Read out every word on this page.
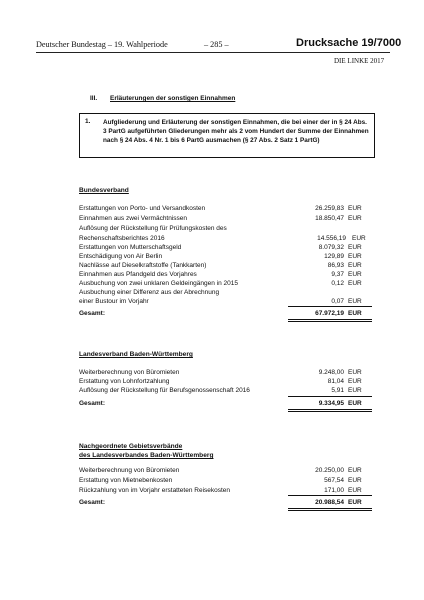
Deutscher Bundestag – 19. Wahlperiode	– 285 –	Drucksache 19/7000
DIE LINKE 2017
III. Erläuterungen der sonstigen Einnahmen
1. Aufgliederung und Erläuterung der sonstigen Einnahmen, die bei einer der in § 24 Abs. 3 PartG aufgeführten Gliederungen mehr als 2 vom Hundert der Summe der Einnahmen nach § 24 Abs. 4 Nr. 1 bis 6 PartG ausmachen (§ 27 Abs. 2 Satz 1 PartG)
Bundesverband
Erstattungen von Porto- und Versandkosten	26.259,83 EUR
Einnahmen aus zwei Vermächtnissen	18.850,47 EUR
Auflösung der Rückstellung für Prüfungskosten des
Rechenschaftsberichtes 2016	14.556,19 EUR
Erstattungen von Mutterschaftsgeld	8.079,32 EUR
Entschädigung von Air Berlin	129,89 EUR
Nachlässe auf Dieselkraftstoffe (Tankkarten)	86,93 EUR
Einnahmen aus Pfandgeld des Vorjahres	9,37 EUR
Ausbuchung von zwei unklaren Geldeingängen in 2015	0,12 EUR
Ausbuchung einer Differenz aus der Abrechnung
einer Bustour im Vorjahr	0,07 EUR
Gesamt:	67.972,19 EUR
Landesverband Baden-Württemberg
Weiterberechnung von Büromieten	9.248,00 EUR
Erstattung von Lohnfortzahlung	81,04 EUR
Auflösung der Rückstellung für Berufsgenossenschaft 2016	5,91 EUR
Gesamt:	9.334,95 EUR
Nachgeordnete Gebietsverbände
des Landesverbandes Baden-Württemberg
Weiterberechnung von Büromieten	20.250,00 EUR
Erstattung von Mietnebenkosten	567,54 EUR
Rückzahlung von im Vorjahr erstatteten Reisekosten	171,00 EUR
Gesamt:	20.988,54 EUR
